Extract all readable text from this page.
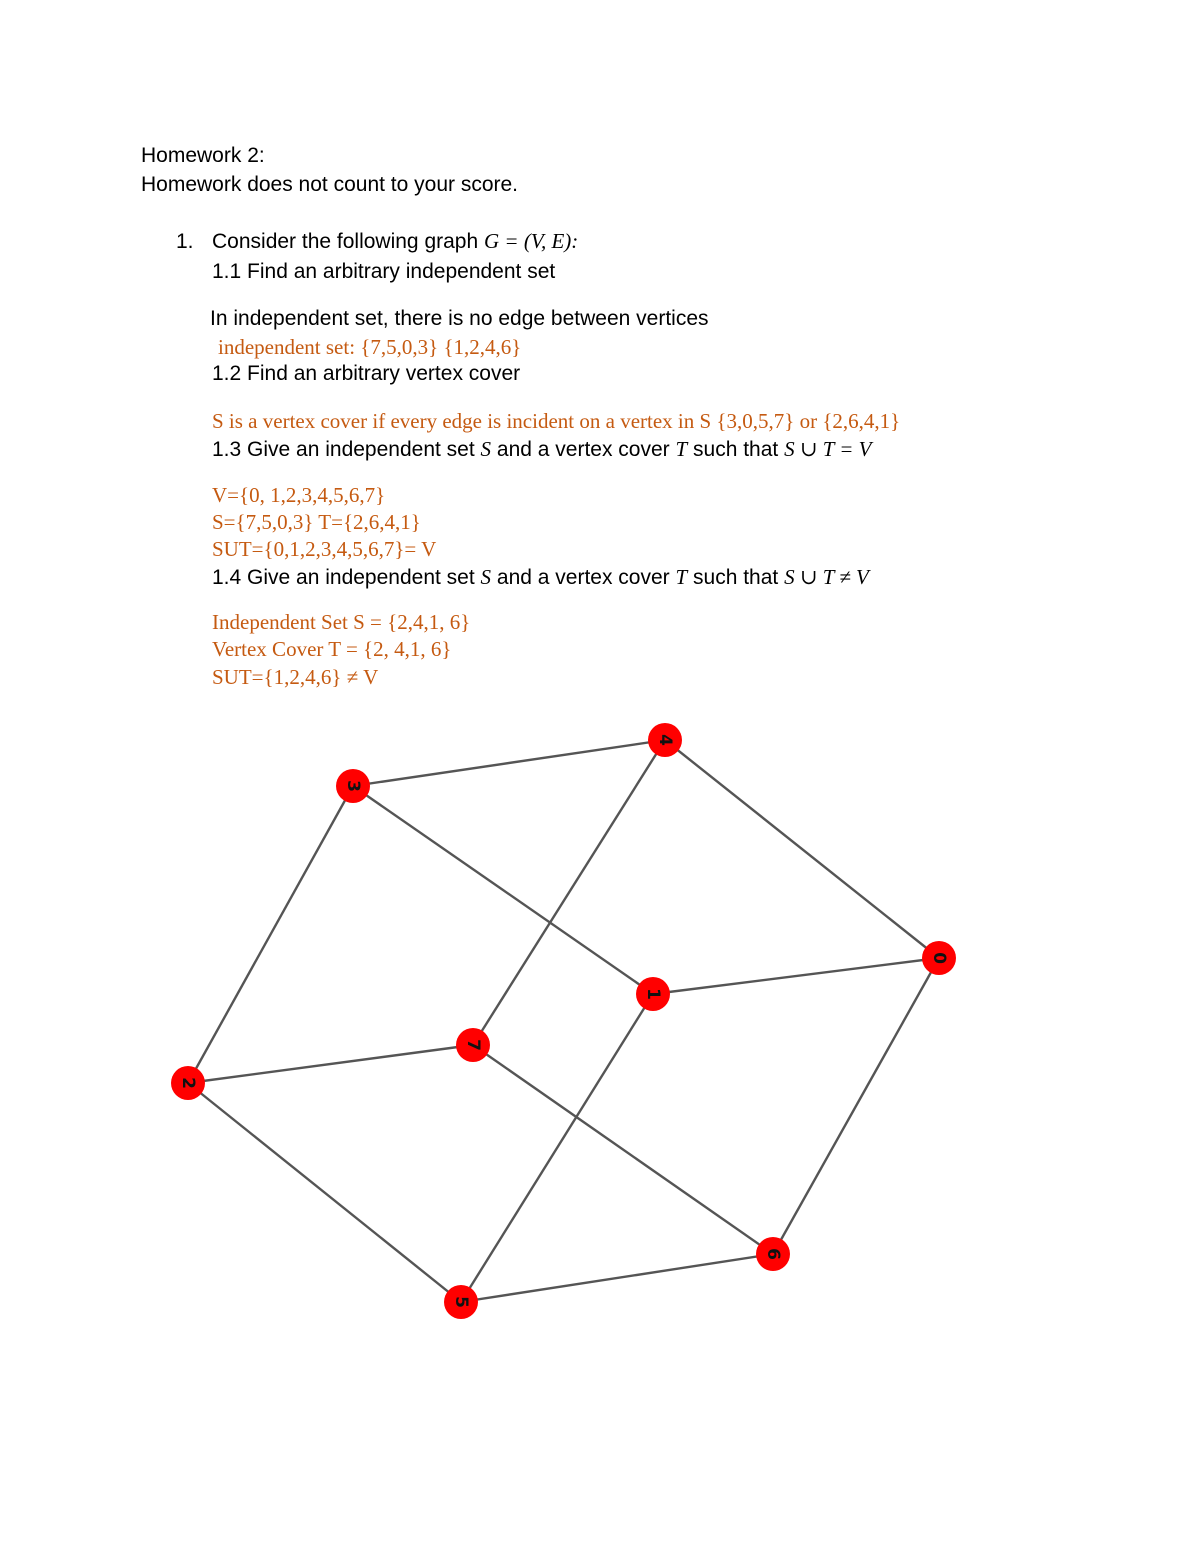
Homework 2:
Homework does not count to your score.
1. Consider the following graph G = (V, E):
1.1 Find an arbitrary independent set
In independent set, there is no edge between vertices
independent set: {7,5,0,3} {1,2,4,6}
1.2 Find an arbitrary vertex cover
S is a vertex cover if every edge is incident on a vertex in S {3,0,5,7} or {2,6,4,1}
1.3 Give an independent set S and a vertex cover T such that S ∪ T = V
V={0, 1,2,3,4,5,6,7}
S={7,5,0,3} T={2,6,4,1}
SUT={0,1,2,3,4,5,6,7}= V
1.4 Give an independent set S and a vertex cover T such that S ∪ T ≠ V
Independent Set S = {2,4,1, 6}
Vertex Cover T = {2, 4,1, 6}
SUT={1,2,4,6} ≠ V
0
1
2
3
4
5
6
7
